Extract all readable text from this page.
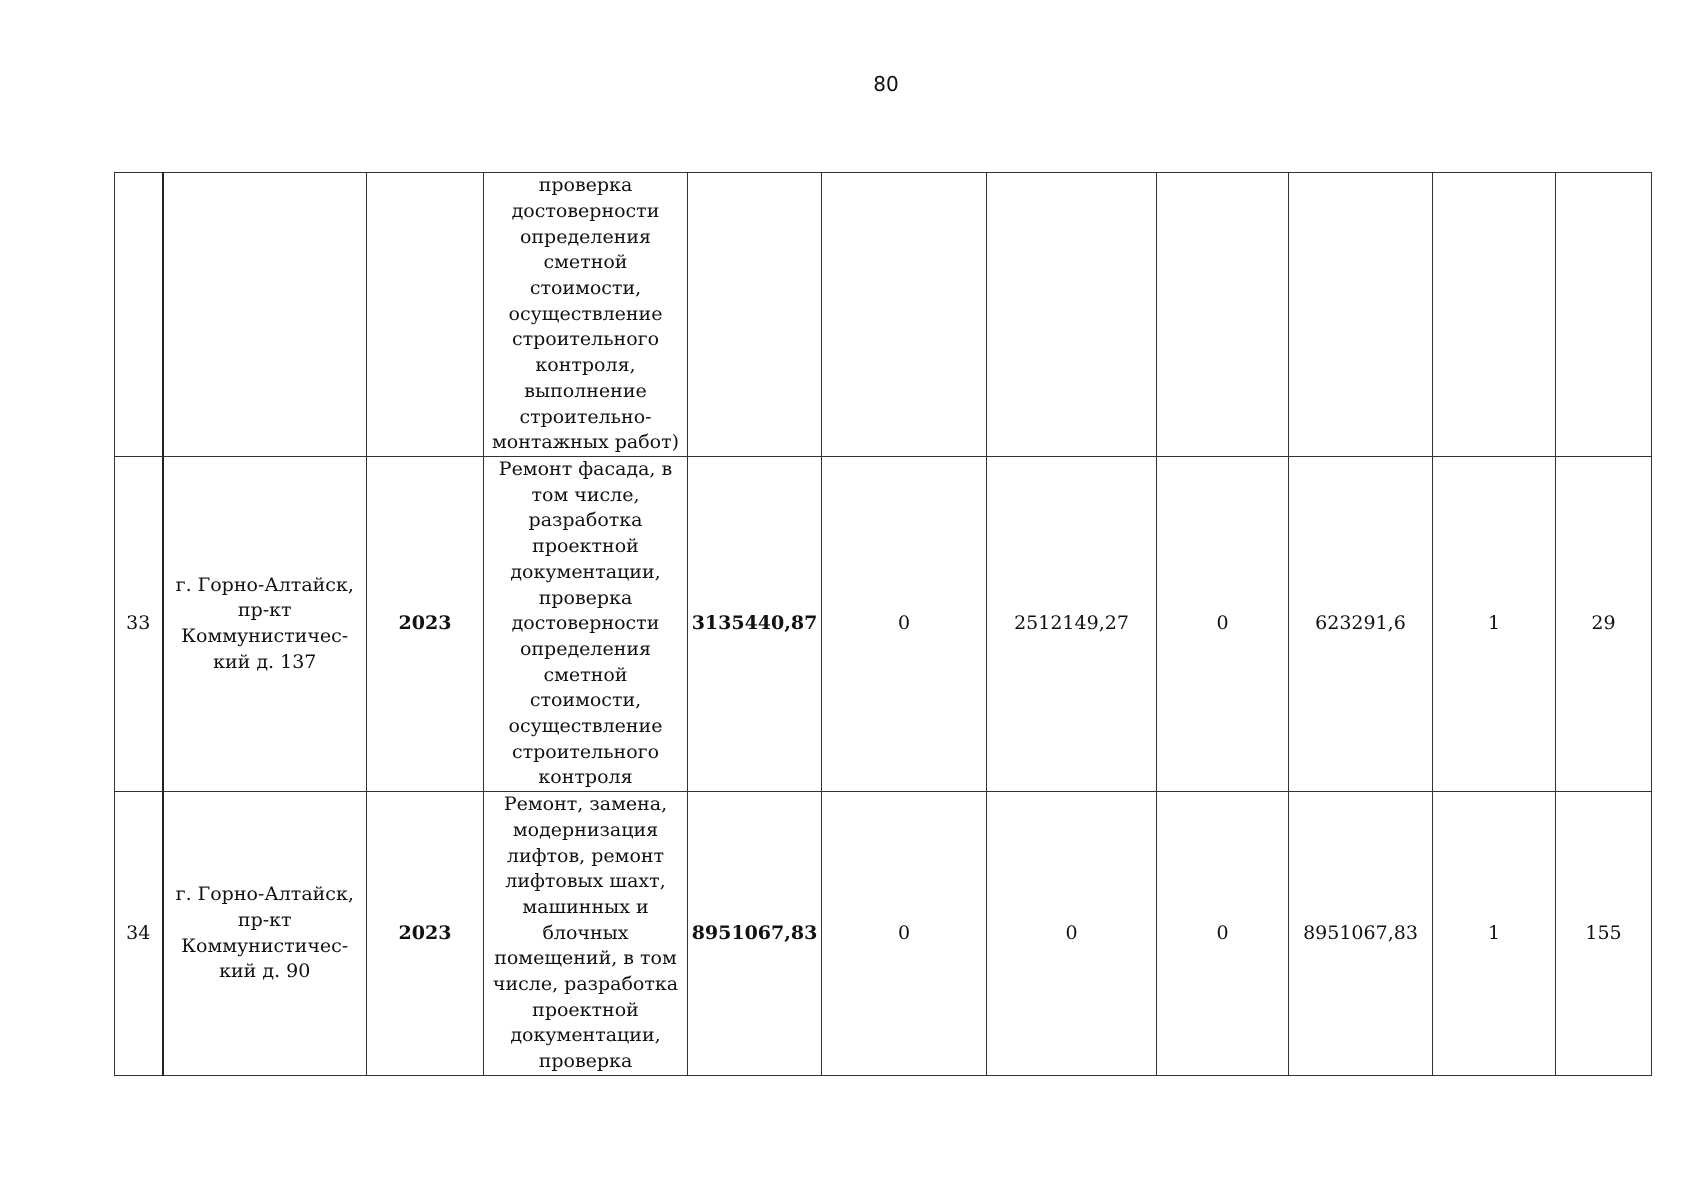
80
			проверка достоверности определения сметной стоимости, осуществление строительного контроля, выполнение строительно-монтажных работ)							
33	г. Горно-Алтайск, пр-кт Коммунистичес-кий д. 137	2023	Ремонт фасада, в том числе, разработка проектной документации, проверка достоверности определения сметной стоимости, осуществление строительного контроля	3135440,87	0	2512149,27	0	623291,6	1	29
34	г. Горно-Алтайск, пр-кт Коммунистичес-кий д. 90	2023	Ремонт, замена, модернизация лифтов, ремонт лифтовых шахт, машинных и блочных помещений, в том числе, разработка проектной документации, проверка	8951067,83	0	0	0	8951067,83	1	155
